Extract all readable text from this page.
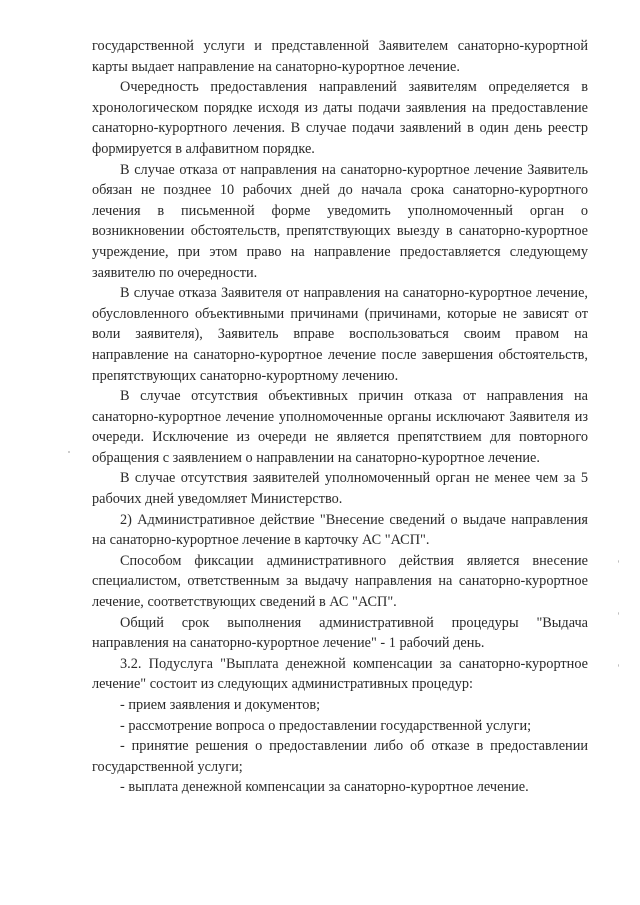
государственной услуги и представленной Заявителем санаторно-курортной карты выдает направление на санаторно-курортное лечение.

Очередность предоставления направлений заявителям определяется в хронологическом порядке исходя из даты подачи заявления на предоставление санаторно-курортного лечения. В случае подачи заявлений в один день реестр формируется в алфавитном порядке.

В случае отказа от направления на санаторно-курортное лечение Заявитель обязан не позднее 10 рабочих дней до начала срока санаторно-курортного лечения в письменной форме уведомить уполномоченный орган о возникновении обстоятельств, препятствующих выезду в санаторно-курортное учреждение, при этом право на направление предоставляется следующему заявителю по очередности.

В случае отказа Заявителя от направления на санаторно-курортное лечение, обусловленного объективными причинами (причинами, которые не зависят от воли заявителя), Заявитель вправе воспользоваться своим правом на направление на санаторно-курортное лечение после завершения обстоятельств, препятствующих санаторно-курортному лечению.

В случае отсутствия объективных причин отказа от направления на санаторно-курортное лечение уполномоченные органы исключают Заявителя из очереди. Исключение из очереди не является препятствием для повторного обращения с заявлением о направлении на санаторно-курортное лечение.

В случае отсутствия заявителей уполномоченный орган не менее чем за 5 рабочих дней уведомляет Министерство.

2) Административное действие "Внесение сведений о выдаче направления на санаторно-курортное лечение в карточку АС "АСП".

Способом фиксации административного действия является внесение специалистом, ответственным за выдачу направления на санаторно-курортное лечение, соответствующих сведений в АС "АСП".

Общий срок выполнения административной процедуры "Выдача направления на санаторно-курортное лечение" - 1 рабочий день.

3.2. Подуслуга "Выплата денежной компенсации за санаторно-курортное лечение" состоит из следующих административных процедур:

- прием заявления и документов;

- рассмотрение вопроса о предоставлении государственной услуги;

- принятие решения о предоставлении либо об отказе в предоставлении государственной услуги;

- выплата денежной компенсации за санаторно-курортное лечение.
